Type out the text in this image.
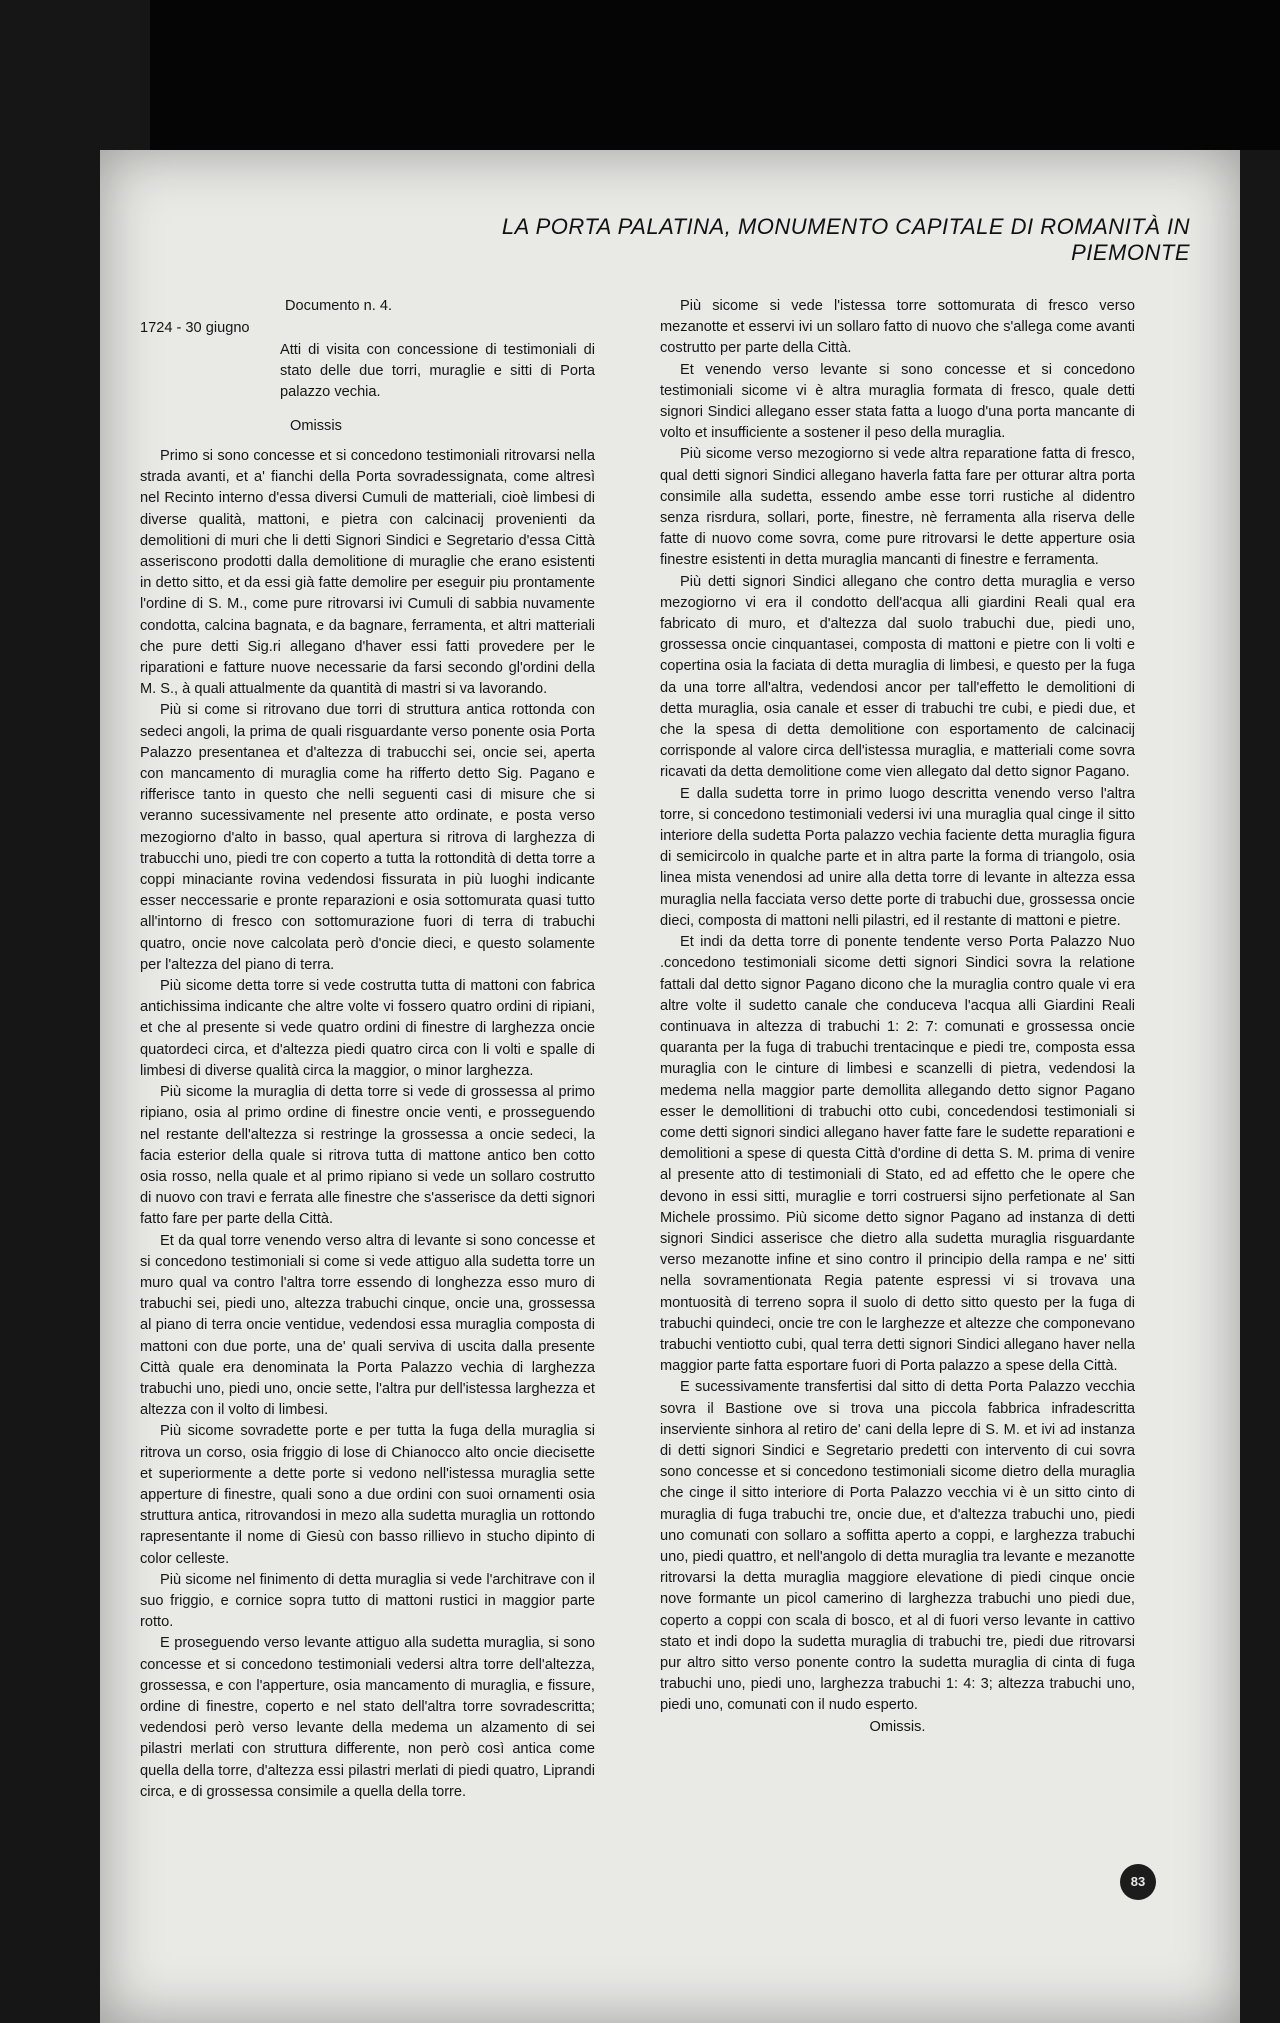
LA PORTA PALATINA, MONUMENTO CAPITALE DI ROMANITÀ IN PIEMONTE
Documento n. 4.
1724 - 30 giugno
Atti di visita con concessione di testimoniali di stato delle due torri, muraglie e sitti di Porta palazzo vechia.
Omissis

Primo si sono concesse et si concedono testimoniali ritrovarsi nella strada avanti, et a' fianchi della Porta sovradessignata, come altresì nel Recinto interno d'essa diversi Cumuli de matteriali, cioè limbesi di diverse qualità, mattoni, e pietra con calcinacij provenienti da demolitioni di muri che li detti Signori Sindici e Segretario d'essa Città asseriscono prodotti dalla demolitione di muraglie che erano esistenti in detto sitto, et da essi già fatte demolire per eseguir piu prontamente l'ordine di S. M., come pure ritrovarsi ivi Cumuli di sabbia nuvamente condotta, calcina bagnata, e da bagnare, ferramenta, et altri matteriali che pure detti Sig.ri allegano d'haver essi fatti provedere per le riparationi e fatture nuove necessarie da farsi secondo gl'ordini della M. S., à quali attualmente da quantità di mastri si va lavorando.

Più si come si ritrovano due torri di struttura antica rottonda con sedeci angoli, la prima de quali risguardante verso ponente osia Porta Palazzo presentanea et d'altezza di trabucchi sei, oncie sei, aperta con mancamento di muraglia come ha rifferto detto Sig. Pagano e rifferisce tanto in questo che nelli seguenti casi di misure che si veranno sucessivamente nel presente atto ordinate, e posta verso mezogiorno d'alto in basso, qual apertura si ritrova di larghezza di trabucchi uno, piedi tre con coperto a tutta la rottondità di detta torre a coppi minaciante rovina vedendosi fissurata in più luoghi indicante esser neccessarie e pronte reparazioni e osia sottomurata quasi tutto all'intorno di fresco con sottomurazione fuori di terra di trabuchi quatro, oncie nove calcolata però d'oncie dieci, e questo solamente per l'altezza del piano di terra.

Più sicome detta torre si vede costrutta tutta di mattoni con fabrica antichissima indicante che altre volte vi fossero quatro ordini di ripiani, et che al presente si vede quatro ordini di finestre di larghezza oncie quatordeci circa, et d'altezza piedi quatro circa con li volti e spalle di limbesi di diverse qualità circa la maggior, o minor larghezza.

Più sicome la muraglia di detta torre si vede di grossessa al primo ripiano, osia al primo ordine di finestre oncie venti, e prosseguendo nel restante dell'altezza si restringe la grossessa a oncie sedeci, la facia esterior della quale si ritrova tutta di mattone antico ben cotto osia rosso, nella quale et al primo ripiano si vede un sollaro costrutto di nuovo con travi e ferrata alle finestre che s'asserisce da detti signori fatto fare per parte della Città.

Et da qual torre venendo verso altra di levante si sono concesse et si concedono testimoniali si come si vede attiguo alla sudetta torre un muro qual va contro l'altra torre essendo di longhezza esso muro di trabuchi sei, piedi uno, altezza trabuchi cinque, oncie una, grossessa al piano di terra oncie ventidue, vedendosi essa muraglia composta di mattoni con due porte, una de' quali serviva di uscita dalla presente Città quale era denominata la Porta Palazzo vechia di larghezza trabuchi uno, piedi uno, oncie sette, l'altra pur dell'istessa larghezza et altezza con il volto di limbesi.

Più sicome sovradette porte e per tutta la fuga della muraglia si ritrova un corso, osia friggio di lose di Chianocco alto oncie diecisette et superiormente a dette porte si vedono nell'istessa muraglia sette apperture di finestre, quali sono a due ordini con suoi ornamenti osia struttura antica, ritrovandosi in mezo alla sudetta muraglia un rottondo rapresentante il nome di Giesù con basso rillievo in stucho dipinto di color celleste.

Più sicome nel finimento di detta muraglia si vede l'architrave con il suo friggio, e cornice sopra tutto di mattoni rustici in maggior parte rotto.

E proseguendo verso levante attiguo alla sudetta muraglia, si sono concesse et si concedono testimoniali vedersi altra torre dell'altezza, grossessa, e con l'apperture, osia mancamento di muraglia, e fissure, ordine di finestre, coperto e nel stato dell'altra torre sovradescritta; vedendosi però verso levante della medema un alzamento di sei pilastri merlati con struttura differente, non però così antica come quella della torre, d'altezza essi pilastri merlati di piedi quatro, Liprandi circa, e di grossessa consimile a quella della torre.

Più sicome si vede l'istessa torre sottomurata di fresco verso mezanotte et esservi ivi un sollaro fatto di nuovo che s'allega come avanti costrutto per parte della Città.

Et venendo verso levante si sono concesse et si concedono testimoniali sicome vi è altra muraglia formata di fresco, quale detti signori Sindici allegano esser stata fatta a luogo d'una porta mancante di volto et insufficiente a sostener il peso della muraglia.

Più sicome verso mezogiorno si vede altra reparatione fatta di fresco, qual detti signori Sindici allegano haverla fatta fare per otturar altra porta consimile alla sudetta, essendo ambe esse torri rustiche al didentro senza risrdura, sollari, porte, finestre, nè ferramenta alla riserva delle fatte di nuovo come sovra, come pure ritrovarsi le dette apperture osia finestre esistenti in detta muraglia mancanti di finestre e ferramenta.

Più detti signori Sindici allegano che contro detta muraglia e verso mezogiorno vi era il condotto dell'acqua alli giardini Reali qual era fabricato di muro, et d'altezza dal suolo trabuchi due, piedi uno, grossessa oncie cinquantasei, composta di mattoni e pietre con li volti e copertina osia la faciata di detta muraglia di limbesi, e questo per la fuga da una torre all'altra, vedendosi ancor per tall'effetto le demolitioni di detta muraglia, osia canale et esser di trabuchi tre cubi, e piedi due, et che la spesa di detta demolitione con esportamento de calcinacij corrisponde al valore circa dell'istessa muraglia, e matteriali come sovra ricavati da detta demolitione come vien allegato dal detto signor Pagano.

E dalla sudetta torre in primo luogo descritta venendo verso l'altra torre, si concedono testimoniali vedersi ivi una muraglia qual cinge il sitto interiore della sudetta Porta palazzo vechia faciente detta muraglia figura di semicircolo in qualche parte et in altra parte la forma di triangolo, osia linea mista venendosi ad unire alla detta torre di levante in altezza essa muraglia nella facciata verso dette porte di trabuchi due, grossessa oncie dieci, composta di mattoni nelli pilastri, ed il restante di mattoni e pietre.

Et indi da detta torre di ponente tendente verso Porta Palazzo Nuo .concedono testimoniali sicome detti signori Sindici sovra la relatione fattali dal detto signor Pagano dicono che la muraglia contro quale vi era altre volte il sudetto canale che conduceva l'acqua alli Giardini Reali continuava in altezza di trabuchi 1: 2: 7: comunati e grossessa oncie quaranta per la fuga di trabuchi trentacinque e piedi tre, composta essa muraglia con le cinture di limbesi e scanzelli di pietra, vedendosi la medema nella maggior parte demollita allegando detto signor Pagano esser le demollitioni di trabuchi otto cubi, concedendosi testimoniali si come detti signori sindici allegano haver fatte fare le sudette reparationi e demolitioni a spese di questa Città d'ordine di detta S. M. prima di venire al presente atto di testimoniali di Stato, ed ad effetto che le opere che devono in essi sitti, muraglie e torri costruersi sijno perfetionate al San Michele prossimo. Più sicome detto signor Pagano ad instanza di detti signori Sindici asserisce che dietro alla sudetta muraglia risguardante verso mezanotte infine et sino contro il principio della rampa e ne' sitti nella sovramentionata Regia patente espressi vi si trovava una montuosità di terreno sopra il suolo di detto sitto questo per la fuga di trabuchi quindeci, oncie tre con le larghezze et altezze che componevano trabuchi ventiotto cubi, qual terra detti signori Sindici allegano haver nella maggior parte fatta esportare fuori di Porta palazzo a spese della Città.

E sucessivamente transfertisi dal sitto di detta Porta Palazzo vecchia sovra il Bastione ove si trova una piccola fabbrica infradescritta inserviente sinhora al retiro de' cani della lepre di S. M. et ivi ad instanza di detti signori Sindici e Segretario predetti con intervento di cui sovra sono concesse et si concedono testimoniali sicome dietro della muraglia che cinge il sitto interiore di Porta Palazzo vecchia vi è un sitto cinto di muraglia di fuga trabuchi tre, oncie due, et d'altezza trabuchi uno, piedi uno comunati con sollaro a soffitta aperto a coppi, e larghezza trabuchi uno, piedi quattro, et nell'angolo di detta muraglia tra levante e mezanotte ritrovarsi la detta muraglia maggiore elevatione di piedi cinque oncie nove formante un picol camerino di larghezza trabuchi uno piedi due, coperto a coppi con scala di bosco, et al di fuori verso levante in cattivo stato et indi dopo la sudetta muraglia di trabuchi tre, piedi due ritrovarsi pur altro sitto verso ponente contro la sudetta muraglia di cinta di fuga trabuchi uno, piedi uno, larghezza trabuchi 1: 4: 3; altezza trabuchi uno, piedi uno, comunati con il nudo esperto.

Omissis.

83
